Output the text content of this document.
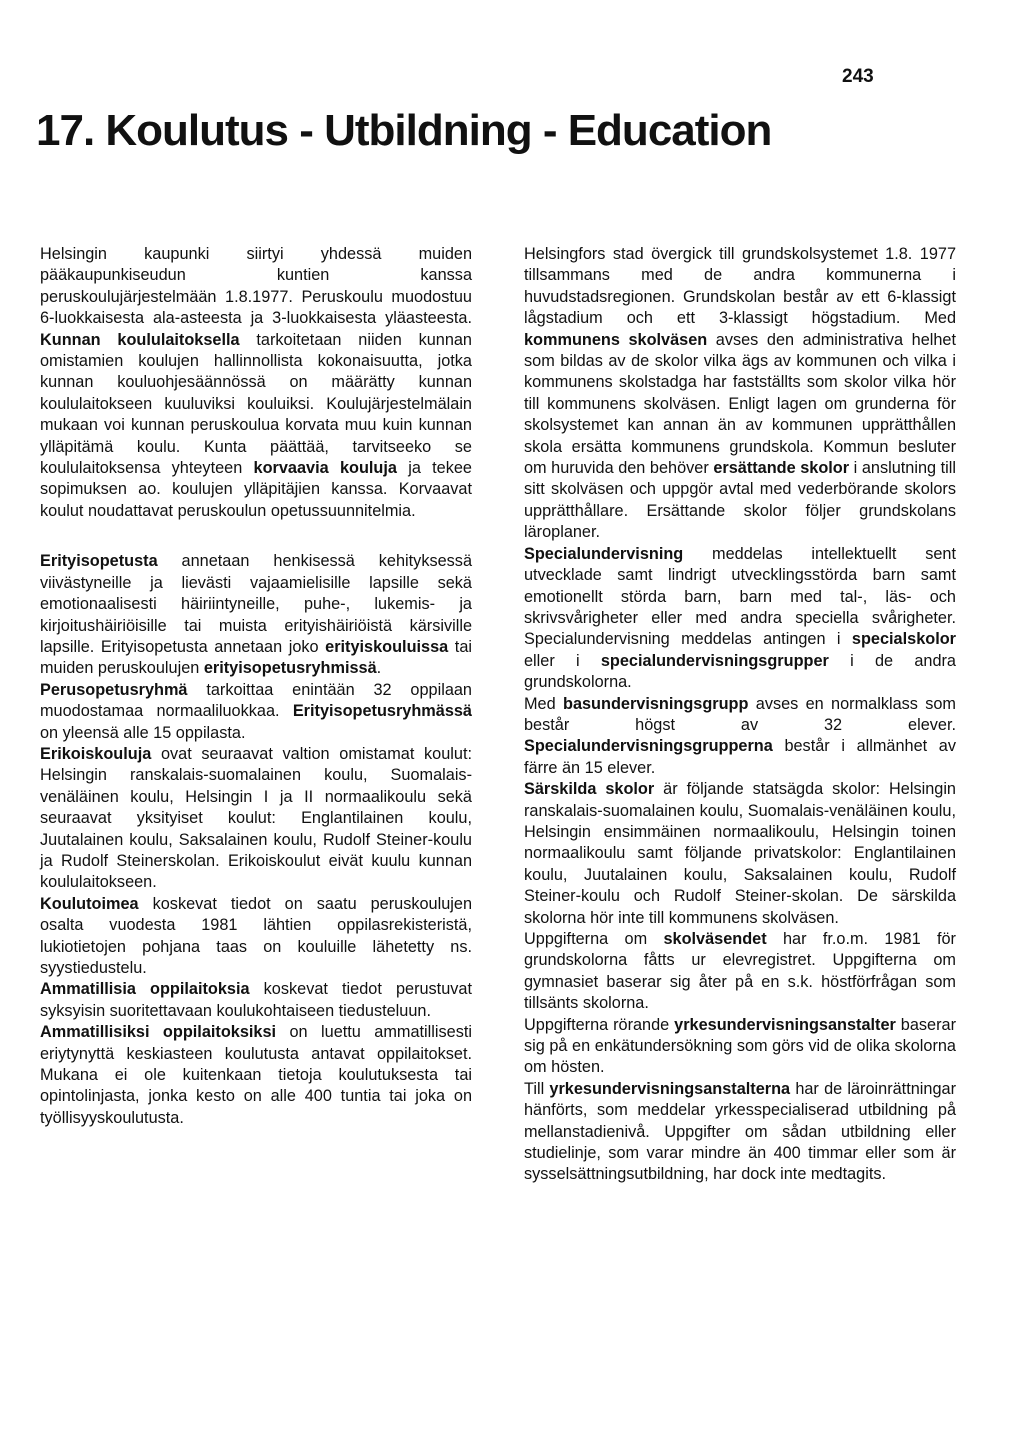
243
17. Koulutus - Utbildning - Education

Helsingin kaupunki siirtyi yhdessä muiden pääkaupunkiseudun kuntien kanssa peruskoulujärjestelmään 1.8.1977. Peruskoulu muodostuu 6-luokkaisesta ala-asteesta ja 3-luokkaisesta yläasteesta. Kunnan koululaitoksella tarkoitetaan niiden kunnan omistamien koulujen hallinnollista kokonaisuutta, jotka kunnan kouluohjesäännössä on määrätty kunnan koululaitokseen kuuluviksi kouluiksi. Koulujärjestelmälain mukaan voi kunnan peruskoulua korvata muu kuin kunnan ylläpitämä koulu. Kunta päättää, tarvitseeko se koululaitoksensa yhteyteen korvaavia kouluja ja tekee sopimuksen ao. koulujen ylläpitäjien kanssa. Korvaavat koulut noudattavat peruskoulun opetussuunnitelmia.

Erityisopetusta annetaan henkisessä kehityksessä viivästyneille ja lievästi vajaamielisille lapsille sekä emotionaalisesti häiriintyneille, puhe-, lukemis- ja kirjoitushäiriöisille tai muista erityishäiriöistä kärsiville lapsille. Erityisopetusta annetaan joko erityiskouluissa tai muiden peruskoulujen erityisopetusryhmissä.

Perusopetusryhmä tarkoittaa enintään 32 oppilaan muodostamaa normaaliluokkaa. Erityisopetusryhmässä on yleensä alle 15 oppilasta.

Erikoiskouluja ovat seuraavat valtion omistamat koulut: Helsingin ranskalais-suomalainen koulu, Suomalais-venäläinen koulu, Helsingin I ja II normaalikoulu sekä seuraavat yksityiset koulut: Englantilainen koulu, Juutalainen koulu, Saksalainen koulu, Rudolf Steiner-koulu ja Rudolf Steinerskolan. Erikoiskoulut eivät kuulu kunnan koululaitokseen.

Koulutoimea koskevat tiedot on saatu peruskoulujen osalta vuodesta 1981 lähtien oppilasrekisteristä, lukiotietojen pohjana taas on kouluille lähetetty ns. syystiedustelu.

Ammatillisia oppilaitoksia koskevat tiedot perustuvat syksyisin suoritettavaan koulukohtaiseen tiedusteluun.

Ammatillisiksi oppilaitoksiksi on luettu ammatillisesti eriytynyttä keskiasteen koulutusta antavat oppilaitokset. Mukana ei ole kuitenkaan tietoja koulutuksesta tai opintolinjasta, jonka kesto on alle 400 tuntia tai joka on työllisyyskoulutusta.

Helsingfors stad övergick till grundskolsystemet 1.8. 1977 tillsammans med de andra kommunerna i huvudstadsregionen. Grundskolan består av ett 6-klassigt lågstadium och ett 3-klassigt högstadium. Med kommunens skolväsen avses den administrativa helhet som bildas av de skolor vilka ägs av kommunen och vilka i kommunens skolstadga har fastställts som skolor vilka hör till kommunens skolväsen. Enligt lagen om grunderna för skolsystemet kan annan än av kommunen upprätthållen skola ersätta kommunens grundskola. Kommun besluter om huruvida den behöver ersättande skolor i anslutning till sitt skolväsen och uppgör avtal med vederbörande skolors upprätthållare. Ersättande skolor följer grundskolans läroplaner.

Specialundervisning meddelas intellektuellt sent utvecklade samt lindrigt utvecklingsstörda barn samt emotionellt störda barn, barn med tal-, läs- och skrivsvårigheter eller med andra speciella svårigheter. Specialundervisning meddelas antingen i specialskolor eller i specialundervisningsgrupper i de andra grundskolorna.

Med basundervisningsgrupp avses en normalklass som består högst av 32 elever. Specialundervisningsgrupperna består i allmänhet av färre än 15 elever.

Särskilda skolor är följande statsägda skolor: Helsingin ranskalais-suomalainen koulu, Suomalais-venäläinen koulu, Helsingin ensimmäinen normaalikoulu, Helsingin toinen normaalikoulu samt följande privatskolor: Englantilainen koulu, Juutalainen koulu, Saksalainen koulu, Rudolf Steiner-koulu och Rudolf Steiner-skolan. De särskilda skolorna hör inte till kommunens skolväsen.

Uppgifterna om skolväsendet har fr.o.m. 1981 för grundskolorna fåtts ur elevregistret. Uppgifterna om gymnasiet baserar sig åter på en s.k. höstförfrågan som tillsänts skolorna.

Uppgifterna rörande yrkesundervisningsanstalter baserar sig på en enkätundersökning som görs vid de olika skolorna om hösten.

Till yrkesundervisningsanstalterna har de läroinrättningar hänförts, som meddelar yrkesspecialiserad utbildning på mellanstadienivå. Uppgifter om sådan utbildning eller studielinje, som varar mindre än 400 timmar eller som är sysselsättningsutbildning, har dock inte medtagits.
